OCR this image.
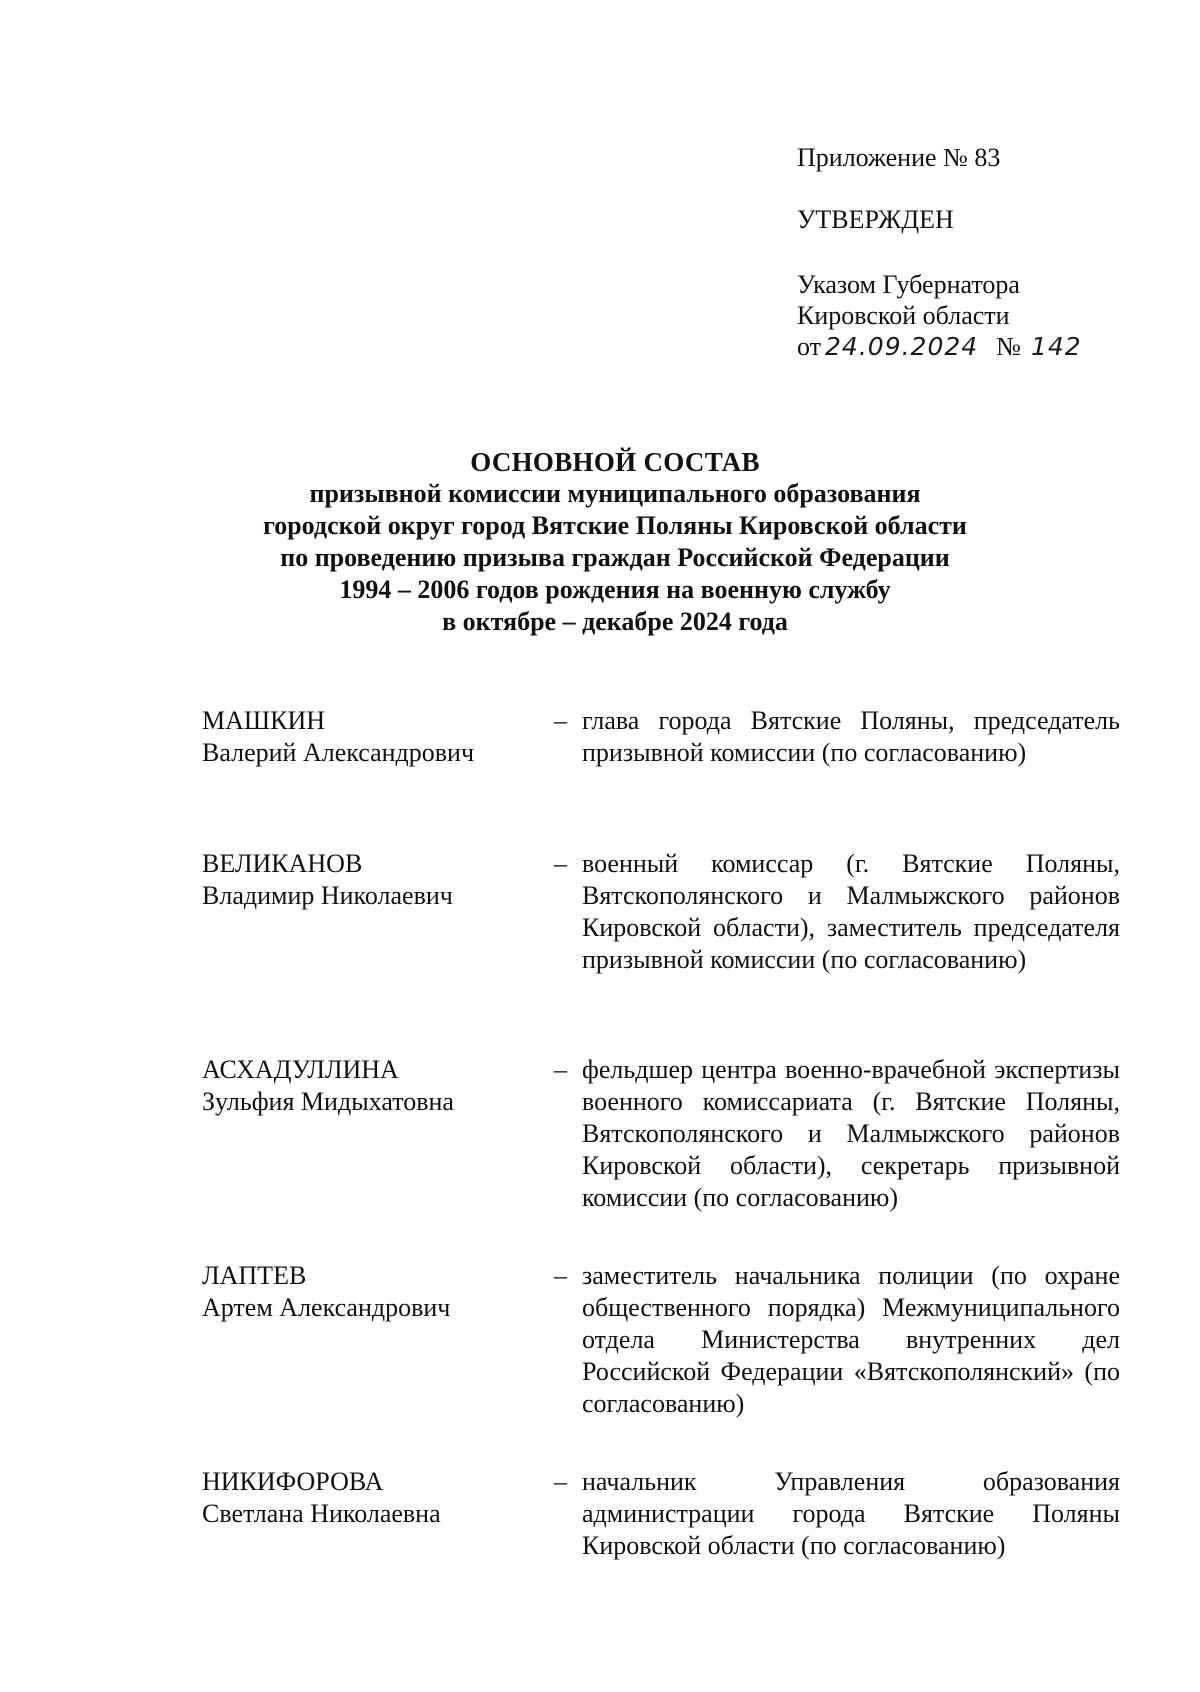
Приложение № 83
УТВЕРЖДЕН
Указом Губернатора
Кировской области
от 24.09.2024 № 142
ОСНОВНОЙ СОСТАВ
призывной комиссии муниципального образования
городской округ город Вятские Поляны Кировской области
по проведению призыва граждан Российской Федерации
1994 – 2006 годов рождения на военную службу
в октябре – декабре 2024 года
МАШКИН
Валерий Александрович
– глава города Вятские Поляны, председатель призывной комиссии (по согласованию)
ВЕЛИКАНОВ
Владимир Николаевич
– военный комиссар (г. Вятские Поляны, Вятскополянского и Малмыжского районов Кировской области), заместитель председателя призывной комиссии (по согласованию)
АСХАДУЛЛИНА
Зульфия Мидыхатовна
– фельдшер центра военно-врачебной экспертизы военного комиссариата (г. Вятские Поляны, Вятскополянского и Малмыжского районов Кировской области), секретарь призывной комиссии (по согласованию)
ЛАПТЕВ
Артем Александрович
– заместитель начальника полиции (по охране общественного порядка) Межмуниципального отдела Министерства внутренних дел Российской Федерации «Вятскополянский» (по согласованию)
НИКИФОРОВА
Светлана Николаевна
– начальник Управления образования администрации города Вятские Поляны Кировской области (по согласованию)
